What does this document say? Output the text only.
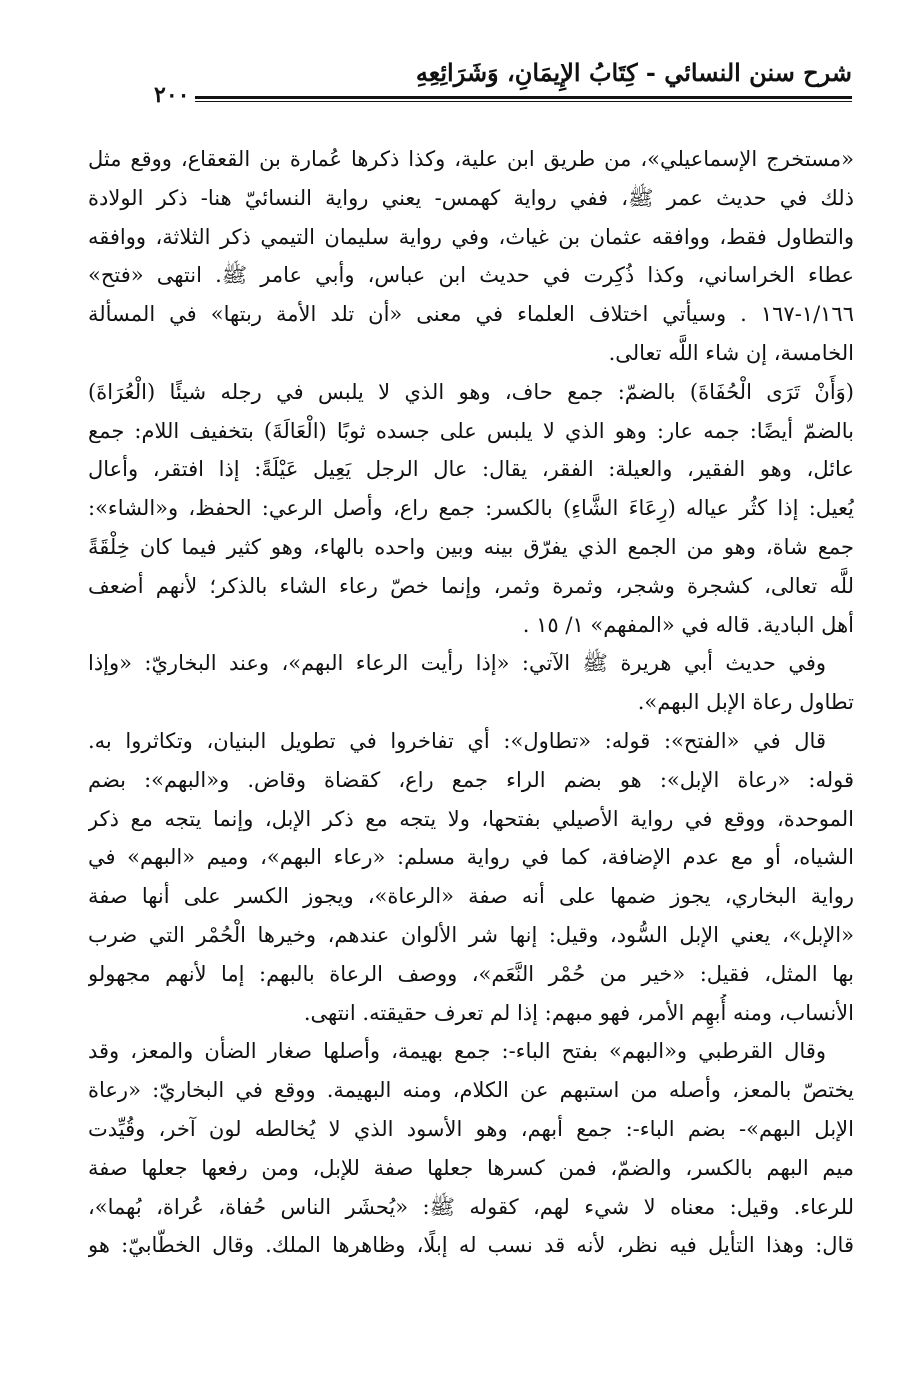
شرح سنن النسائي - كِتَابُ الإِيمَانِ، وَشَرَائِعِهِ
٢٠٠
«مستخرج الإسماعيلي»، من طريق ابن علية، وكذا ذكرها عُمارة بن القعقاع، ووقع مثل
ذلك في حديث عمر ﷺ، ففي رواية كهمس- يعني رواية النسائيّ هنا- ذكر الولادة
والتطاول فقط، ووافقه عثمان بن غياث، وفي رواية سليمان التيمي ذكر الثلاثة، ووافقه
عطاء الخراساني، وكذا ذُكِرت في حديث ابن عباس، وأبي عامر ﷺ. انتهى «فتح»
١/١٦٦-١٦٧ . وسيأتي اختلاف العلماء في معنى «أن تلد الأمة ربتها» في المسألة
الخامسة، إن شاء اللَّه تعالى.
(وَأَنْ تَرَى الْحُفَاةَ) بالضمّ: جمع حاف، وهو الذي لا يلبس في رجله شيئًا (الْعُرَاةَ)
بالضمّ أيضًا: جمه عار: وهو الذي لا يلبس على جسده ثوبًا (الْعَالَةَ) بتخفيف اللام: جمع
عائل، وهو الفقير، والعيلة: الفقر، يقال: عال الرجل يَعِيل عَيْلَةً: إذا افتقر، وأعال
يُعيل: إذا كثُر عياله (رِعَاءَ الشَّاءِ) بالكسر: جمع راع، وأصل الرعي: الحفظ، و«الشاء»:
جمع شاة، وهو من الجمع الذي يفرّق بينه وبين واحده بالهاء، وهو كثير فيما كان خِلْقَةً
للَّه تعالى، كشجرة وشجر، وثمرة وثمر، وإنما خصّ رعاء الشاء بالذكر؛ لأنهم أضعف
أهل البادية. قاله في «المفهم» ١/ ١٥ .
وفي حديث أبي هريرة ﷺ الآتي: «إذا رأيت الرعاء البهم»، وعند البخاريّ: «وإذا
تطاول رعاة الإبل البهم».
قال في «الفتح»: قوله: «تطاول»: أي تفاخروا في تطويل البنيان، وتكاثروا به.
قوله: «رعاة الإبل»: هو بضم الراء جمع راع، كقضاة وقاض. و«البهم»: بضم
الموحدة، ووقع في رواية الأصيلي بفتحها، ولا يتجه مع ذكر الإبل، وإنما يتجه مع ذكر
الشياه، أو مع عدم الإضافة، كما في رواية مسلم: «رعاء البهم»، وميم «البهم» في
رواية البخاري، يجوز ضمها على أنه صفة «الرعاة»، ويجوز الكسر على أنها صفة
«الإبل»، يعني الإبل السُّود، وقيل: إنها شر الألوان عندهم، وخيرها الْحُمْر التي ضرب
بها المثل، فقيل: «خير من حُمْر النَّعَم»، ووصف الرعاة بالبهم: إما لأنهم مجهولو
الأنساب، ومنه أُبهِم الأمر، فهو مبهم: إذا لم تعرف حقيقته. انتهى.
وقال القرطبي و«البهم» بفتح الباء-: جمع بهيمة، وأصلها صغار الضأن والمعز، وقد
يختصّ بالمعز، وأصله من استبهم عن الكلام، ومنه البهيمة. ووقع في البخاريّ: «رعاة
الإبل البهم»- بضم الباء-: جمع أبهم، وهو الأسود الذي لا يُخالطه لون آخر، وقُيِّدت
ميم البهم بالكسر، والضمّ، فمن كسرها جعلها صفة للإبل، ومن رفعها جعلها صفة
للرعاء. وقيل: معناه لا شيء لهم، كقوله ﷺ: «يُحشَر الناس حُفاة، عُراة، بُهما»،
قال: وهذا التأيل فيه نظر، لأنه قد نسب له إبلًا، وظاهرها الملك. وقال الخطّابيّ: هو
